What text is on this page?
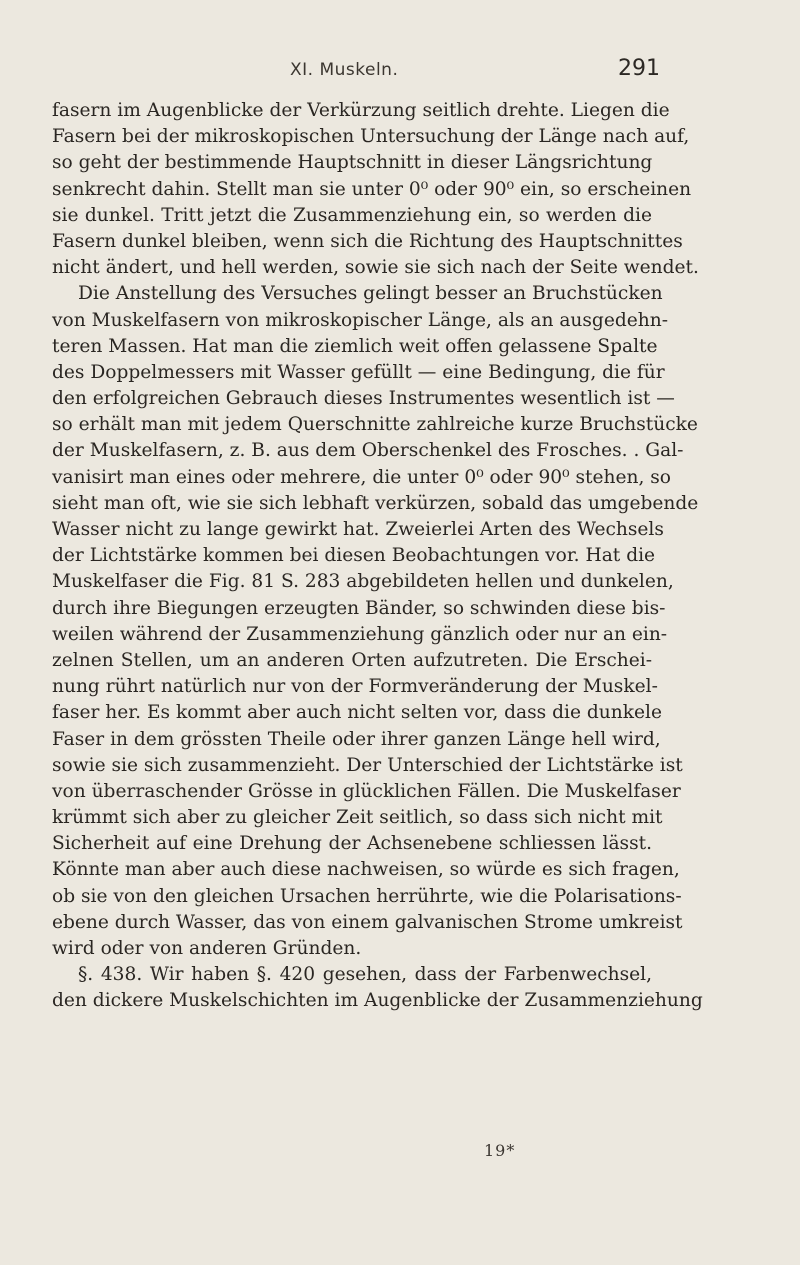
XI. Muskeln.	291
fasern im Augenblicke der Verkürzung seitlich drehte. Liegen die
Fasern bei der mikroskopischen Untersuchung der Länge nach auf,
so geht der bestimmende Hauptschnitt in dieser Längsrichtung
senkrecht dahin. Stellt man sie unter 0⁰ oder 90⁰ ein, so erscheinen
sie dunkel. Tritt jetzt die Zusammenziehung ein, so werden die
Fasern dunkel bleiben, wenn sich die Richtung des Hauptschnittes
nicht ändert, und hell werden, sowie sie sich nach der Seite wendet.
Die Anstellung des Versuches gelingt besser an Bruchstücken
von Muskelfasern von mikroskopischer Länge, als an ausgedehn-
teren Massen. Hat man die ziemlich weit offen gelassene Spalte
des Doppelmessers mit Wasser gefüllt — eine Bedingung, die für
den erfolgreichen Gebrauch dieses Instrumentes wesentlich ist —
so erhält man mit jedem Querschnitte zahlreiche kurze Bruchstücke
der Muskelfasern, z. B. aus dem Oberschenkel des Frosches. . Gal-
vanisirt man eines oder mehrere, die unter 0⁰ oder 90⁰ stehen, so
sieht man oft, wie sie sich lebhaft verkürzen, sobald das umgebende
Wasser nicht zu lange gewirkt hat. Zweierlei Arten des Wechsels
der Lichtstärke kommen bei diesen Beobachtungen vor. Hat die
Muskelfaser die Fig. 81 S. 283 abgebildeten hellen und dunkelen,
durch ihre Biegungen erzeugten Bänder, so schwinden diese bis-
weilen während der Zusammenziehung gänzlich oder nur an ein-
zelnen Stellen, um an anderen Orten aufzutreten. Die Erschei-
nung rührt natürlich nur von der Formveränderung der Muskel-
faser her. Es kommt aber auch nicht selten vor, dass die dunkele
Faser in dem grössten Theile oder ihrer ganzen Länge hell wird,
sowie sie sich zusammenzieht. Der Unterschied der Lichtstärke ist
von überraschender Grösse in glücklichen Fällen. Die Muskelfaser
krümmt sich aber zu gleicher Zeit seitlich, so dass sich nicht mit
Sicherheit auf eine Drehung der Achsenebene schliessen lässt.
Könnte man aber auch diese nachweisen, so würde es sich fragen,
ob sie von den gleichen Ursachen herrührte, wie die Polarisations-
ebene durch Wasser, das von einem galvanischen Strome umkreist
wird oder von anderen Gründen.
§. 438. Wir haben §. 420 gesehen, dass der Farbenwechsel,
den dickere Muskelschichten im Augenblicke der Zusammenziehung
19*
